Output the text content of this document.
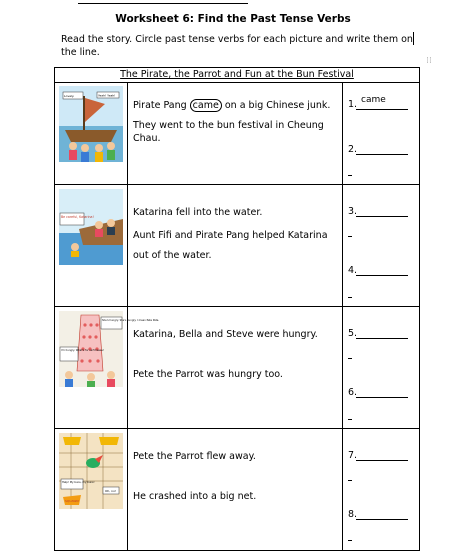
Worksheet 6: Find the Past Tense Verbs
Read the story. Circle past tense verbs for each picture and write them on the line.
⁞⁞
The Pirate, the Parrot and Fun at the Bun Festival
Lovely.	Yeah! Yeah!
Pirate Pang came on a big Chinese junk.
They went to the bun festival in Cheung Chau.
1. came
2.
Be careful, Katarina!	Katarina fell into the water.
Aunt Fifi and Pirate Pang helped Katarina out of the water.
3.
4.
She's hungry. She's hungry. I mean Pete Pete.
I'm hungry. What's for us?Cheese!
Katarina, Bella and Steve were hungry.
Pete the Parrot was hungry too.
5.
6.
Help! My buns, my buns!
Oh, no!
SQUAWK!
Pete the Parrot flew away.
He crashed into a big net.
7.
8.
